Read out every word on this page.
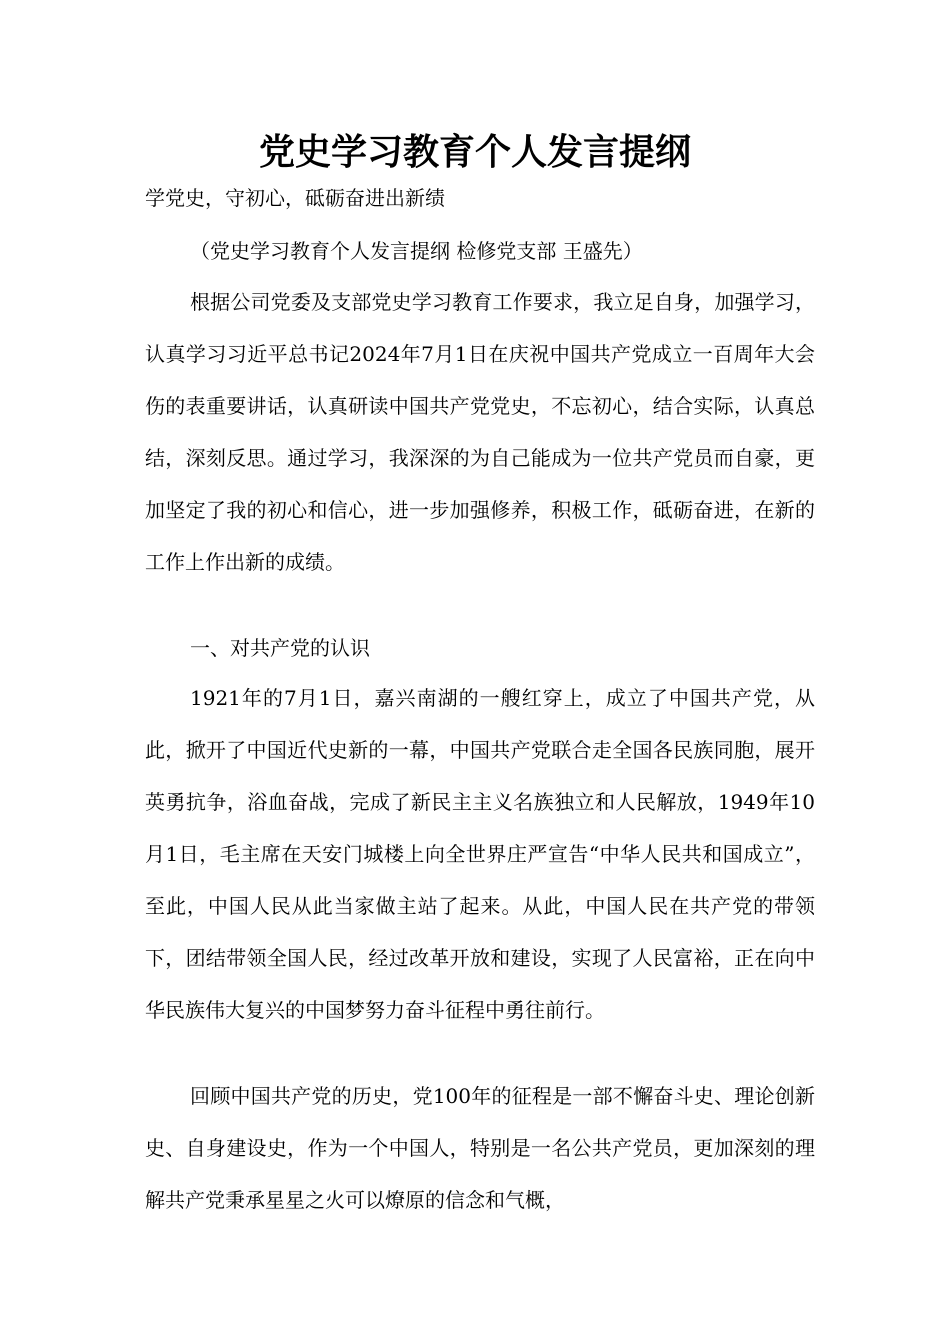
党史学习教育个人发言提纲
学党史，守初心，砥砺奋进出新绩
（党史学习教育个人发言提纲 检修党支部 王盛先）

根据公司党委及支部党史学习教育工作要求，我立足自身，加强学习，认真学习习近平总书记2024年7月1日在庆祝中国共产党成立一百周年大会伤的表重要讲话，认真研读中国共产党党史，不忘初心，结合实际，认真总结，深刻反思。通过学习，我深深的为自己能成为一位共产党员而自豪，更加坚定了我的初心和信心，进一步加强修养，积极工作，砥砺奋进，在新的工作上作出新的成绩。

一、对共产党的认识

1921年的7月1日，嘉兴南湖的一艘红穿上，成立了中国共产党，从此，掀开了中国近代史新的一幕，中国共产党联合走全国各民族同胞，展开英勇抗争，浴血奋战，完成了新民主主义名族独立和人民解放，1949年10月1日，毛主席在天安门城楼上向全世界庄严宣告“中华人民共和国成立”，至此，中国人民从此当家做主站了起来。从此，中国人民在共产党的带领下，团结带领全国人民，经过改革开放和建设，实现了人民富裕，正在向中华民族伟大复兴的中国梦努力奋斗征程中勇往前行。

回顾中国共产党的历史，党100年的征程是一部不懈奋斗史、理论创新史、自身建设史，作为一个中国人，特别是一名公共产党员，更加深刻的理解共产党秉承星星之火可以燎原的信念和气概，
